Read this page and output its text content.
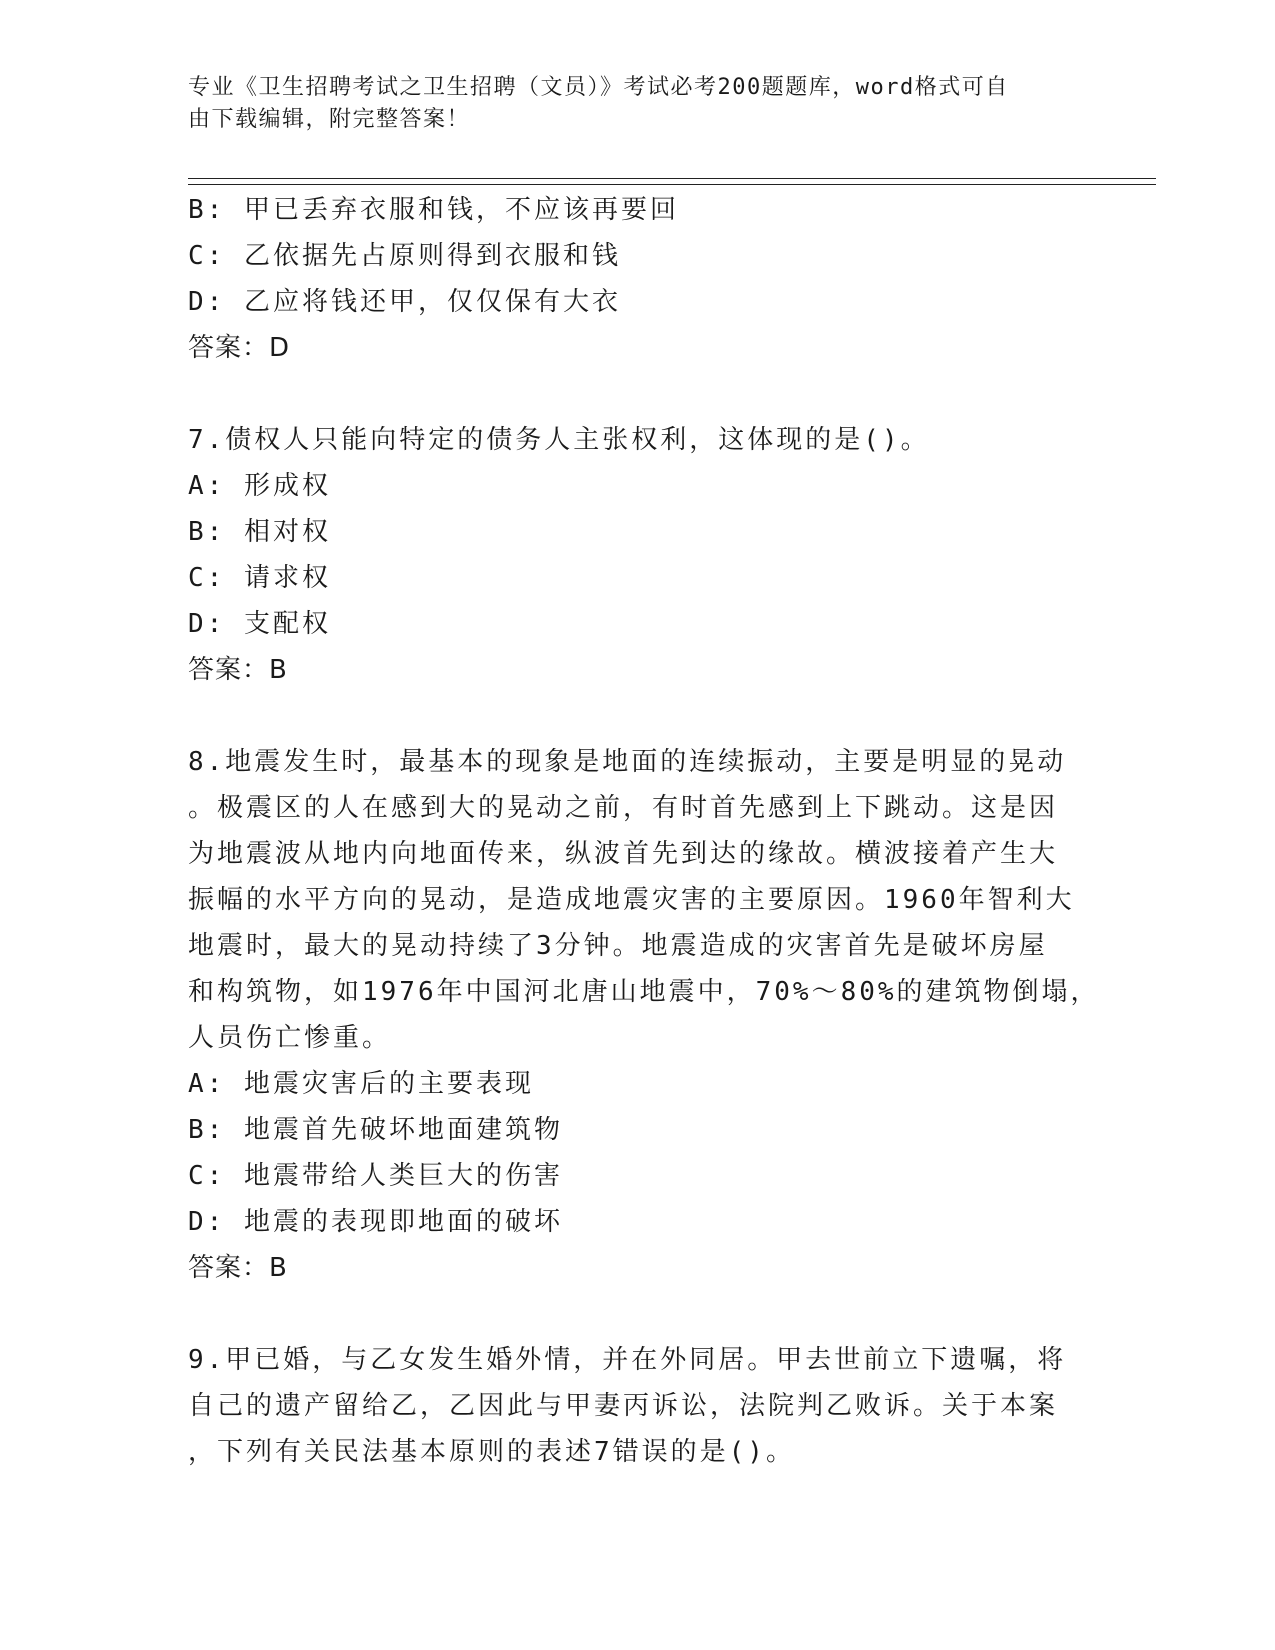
专业《卫生招聘考试之卫生招聘（文员）》考试必考200题题库，word格式可自
由下载编辑，附完整答案！
B: 甲已丢弃衣服和钱，不应该再要回
C: 乙依据先占原则得到衣服和钱
D: 乙应将钱还甲，仅仅保有大衣
答案：D
7.债权人只能向特定的债务人主张权利，这体现的是()。
A: 形成权
B: 相对权
C: 请求权
D: 支配权
答案：B
8.地震发生时，最基本的现象是地面的连续振动，主要是明显的晃动
。极震区的人在感到大的晃动之前，有时首先感到上下跳动。这是因
为地震波从地内向地面传来，纵波首先到达的缘故。横波接着产生大
振幅的水平方向的晃动，是造成地震灾害的主要原因。1960年智利大
地震时，最大的晃动持续了3分钟。地震造成的灾害首先是破坏房屋
和构筑物，如1976年中国河北唐山地震中，70%～80%的建筑物倒塌，
人员伤亡惨重。
A: 地震灾害后的主要表现
B: 地震首先破坏地面建筑物
C: 地震带给人类巨大的伤害
D: 地震的表现即地面的破坏
答案：B
9.甲已婚，与乙女发生婚外情，并在外同居。甲去世前立下遗嘱，将
自己的遗产留给乙，乙因此与甲妻丙诉讼，法院判乙败诉。关于本案
，下列有关民法基本原则的表述7错误的是()。
